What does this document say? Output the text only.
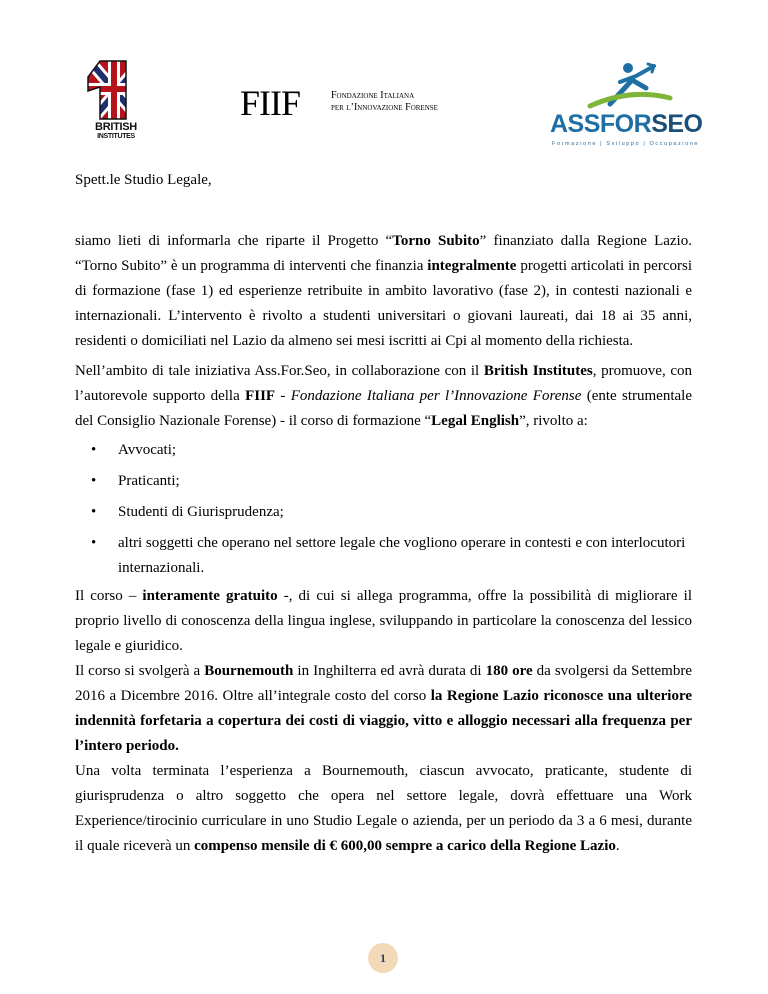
BRITISH
INSTITUTES
FIIF	Fondazione Italiana
per l’Innovazione Forense
ASSFORSEO
Formazione | Sviluppo | Occupazione

Spett.le Studio Legale,

siamo lieti di informarla che riparte il Progetto “Torno Subito” finanziato dalla Regione Lazio. “Torno Subito” è un programma di interventi che finanzia integralmente progetti articolati in percorsi di formazione (fase 1) ed esperienze retribuite in ambito lavorativo (fase 2), in contesti nazionali e internazionali. L’intervento è rivolto a studenti universitari o giovani laureati, dai 18 ai 35 anni, residenti o domiciliati nel Lazio da almeno sei mesi iscritti ai Cpi al momento della richiesta.

Nell’ambito di tale iniziativa Ass.For.Seo, in collaborazione con il British Institutes, promuove, con l’autorevole supporto della FIIF - Fondazione Italiana per l’Innovazione Forense (ente strumentale del Consiglio Nazionale Forense) - il corso di formazione “Legal English”, rivolto a:

• Avvocati;
• Praticanti;
• Studenti di Giurisprudenza;
• altri soggetti che operano nel settore legale che vogliono operare in contesti e con interlocutori internazionali.

Il corso – interamente gratuito -, di cui si allega programma, offre la possibilità di migliorare il proprio livello di conoscenza della lingua inglese, sviluppando in particolare la conoscenza del lessico legale e giuridico.

Il corso si svolgerà a Bournemouth in Inghilterra ed avrà durata di 180 ore da svolgersi da Settembre 2016 a Dicembre 2016. Oltre all’integrale costo del corso la Regione Lazio riconosce una ulteriore indennità forfetaria a copertura dei costi di viaggio, vitto e alloggio necessari alla frequenza per l’intero periodo.

Una volta terminata l’esperienza a Bournemouth, ciascun avvocato, praticante, studente di giurisprudenza o altro soggetto che opera nel settore legale, dovrà effettuare una Work Experience/tirocinio curriculare in uno Studio Legale o azienda, per un periodo da 3 a 6 mesi, durante il quale riceverà un compenso mensile di € 600,00 sempre a carico della Regione Lazio.

1
